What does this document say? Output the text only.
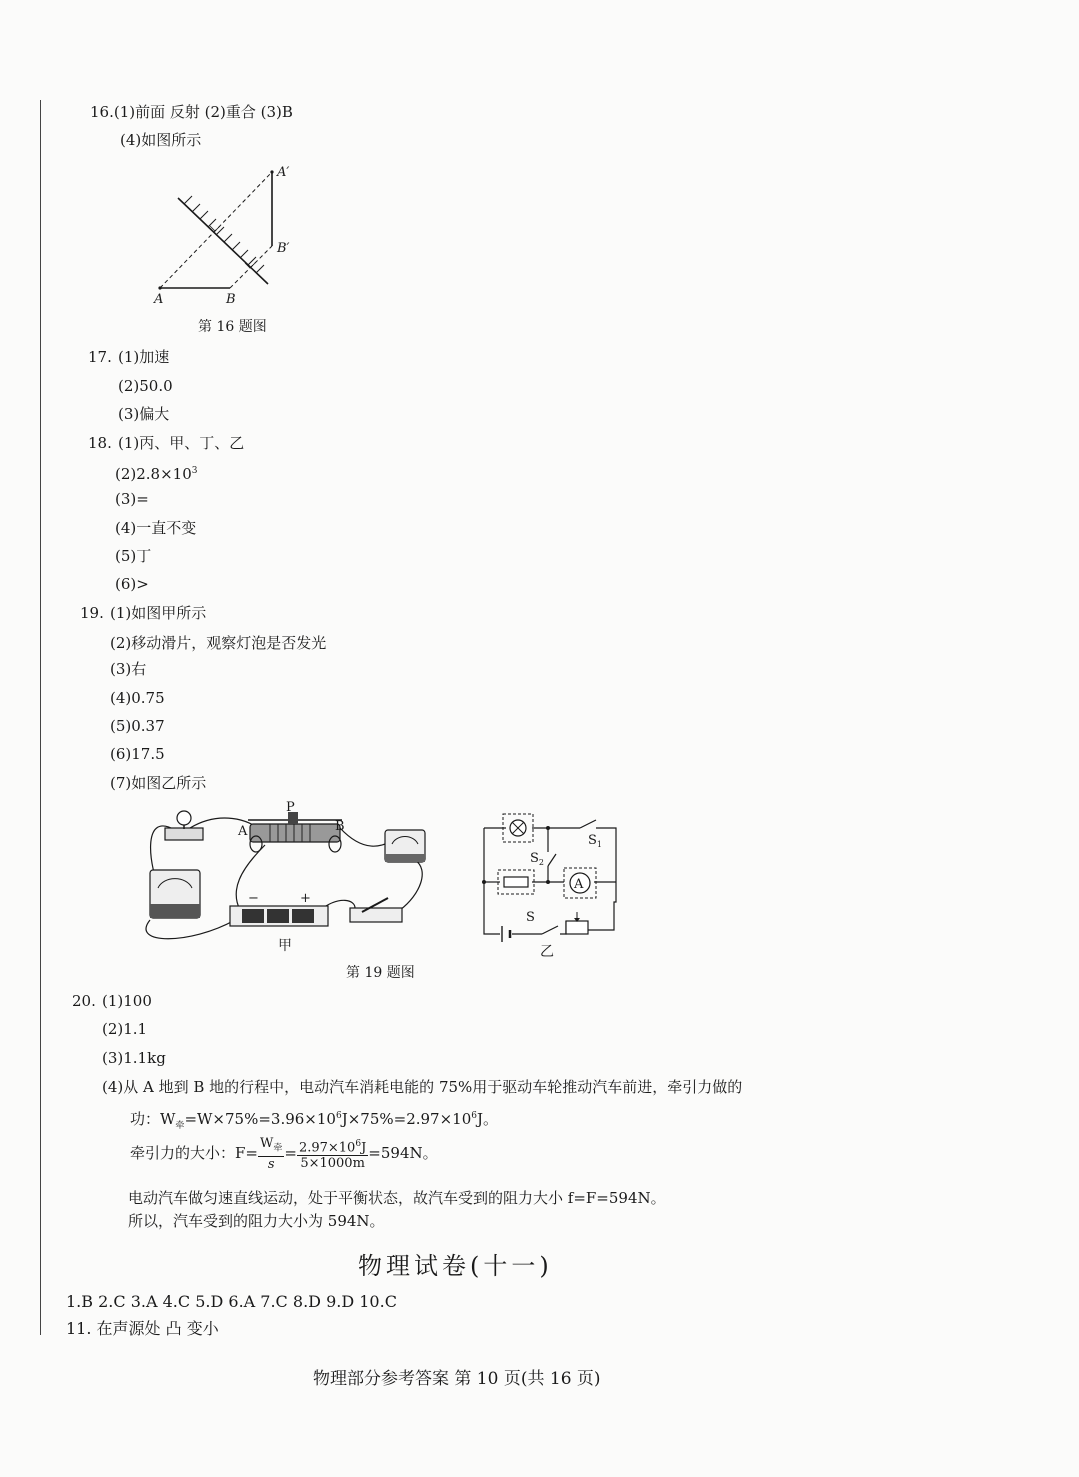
16.(1)前面 反射 (2)重合 (3)B
(4)如图所示
A′
B′
A	B
第 16 题图
17. (1)加速
(2)50.0
(3)偏大
18. (1)丙、甲、丁、乙
$(2)2.8\times 10^3$
(3)=
(4)一直不变
(5)丁
(6)>
19. (1)如图甲所示
(2)移动滑片，观察灯泡是否发光
(3)右
(4)0.75
(5)0.37
(6)17.5
(7)如图乙所示
P
A	B
−	+
甲
A
$S_1$
$S_2$
S
乙
第 19 题图
20. (1)100
(2)1.1
(3)1.1kg
(4)从 A 地到 B 地的行程中，电动汽车消耗电能的 75%用于驱动车轮推动汽车前进，牵引力做的
功：$W_牵=W\times 75\%=3.96\times 10^6J\times 75\%=2.97\times 10^6J$。
牵引力的大小：$F= \frac{W_牵}{s} = \frac{2.97\times 10^6J}{5\times 1000m} =594N$。
电动汽车做匀速直线运动，处于平衡状态，故汽车受到的阻力大小 f=F=594N。
所以，汽车受到的阻力大小为 594N。
物理试卷(十一)
1.B 2.C 3.A 4.C 5.D 6.A 7.C 8.D 9.D 10.C
11. 在声源处 凸 变小
物理部分参考答案 第 10 页(共 16 页)
